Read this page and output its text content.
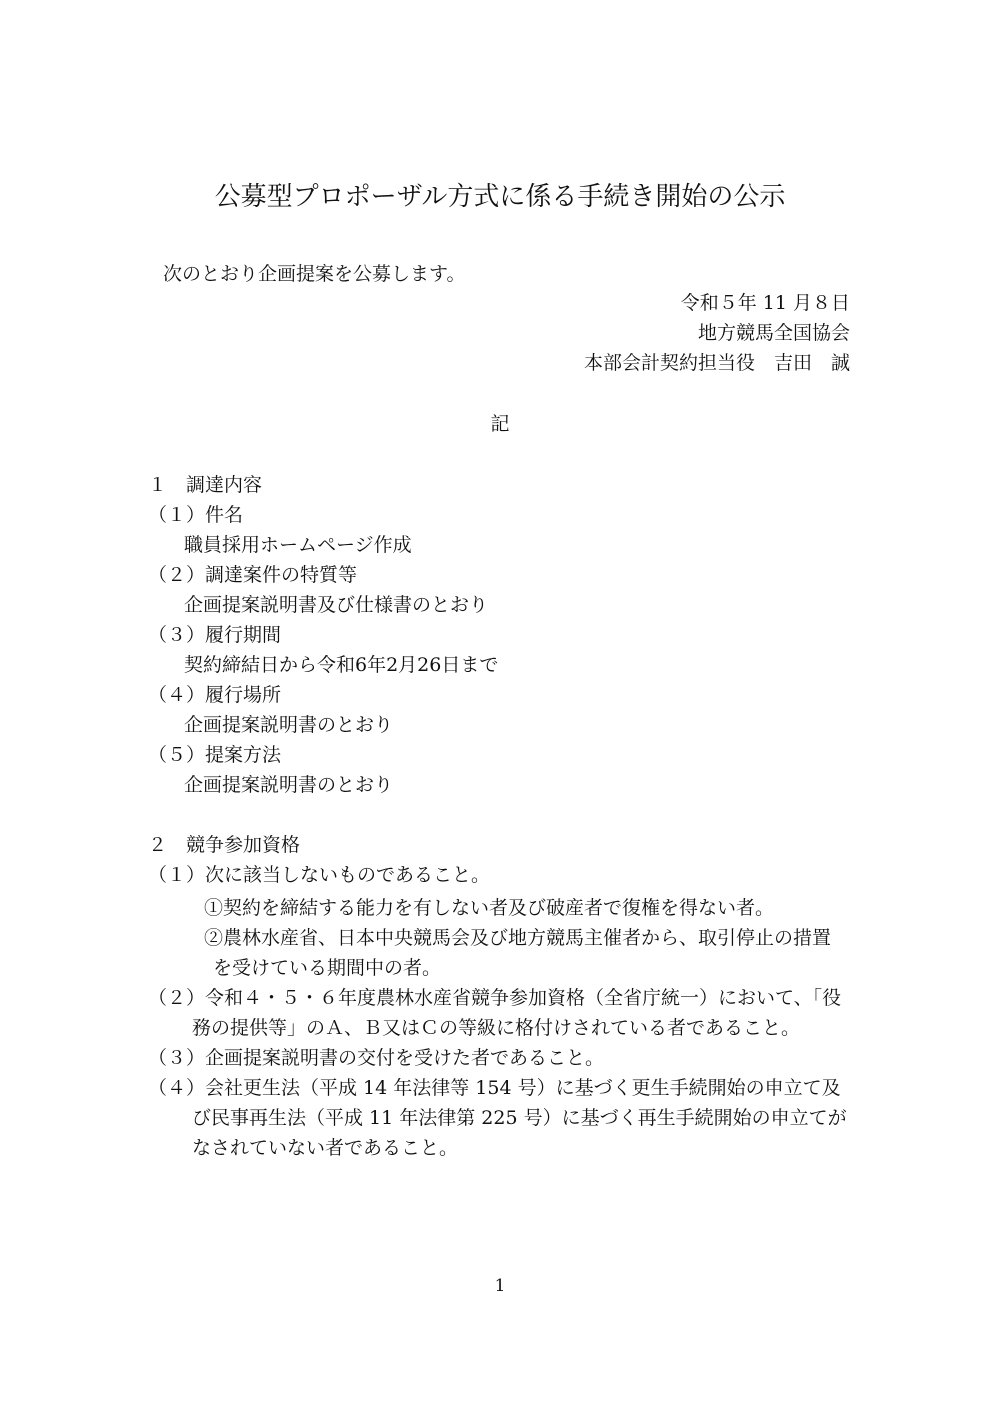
公募型プロポーザル方式に係る手続き開始の公示
次のとおり企画提案を公募します。
令和５年 11 月８日
地方競馬全国協会
本部会計契約担当役　吉田　誠
記
１　調達内容
（１）件名
職員採用ホームページ作成
（２）調達案件の特質等
企画提案説明書及び仕様書のとおり
（３）履行期間
契約締結日から令和6年2月26日まで
（４）履行場所
企画提案説明書のとおり
（５）提案方法
企画提案説明書のとおり
２　競争参加資格
（１）次に該当しないものであること。
①契約を締結する能力を有しない者及び破産者で復権を得ない者。
②農林水産省、日本中央競馬会及び地方競馬主催者から、取引停止の措置
を受けている期間中の者。
（２）令和４・５・６年度農林水産省競争参加資格（全省庁統一）において、「役
務の提供等」のＡ、Ｂ又はＣの等級に格付けされている者であること。
（３）企画提案説明書の交付を受けた者であること。
（４）会社更生法（平成 14 年法律等 154 号）に基づく更生手続開始の申立て及
び民事再生法（平成 11 年法律第 225 号）に基づく再生手続開始の申立てが
なされていない者であること。
1
